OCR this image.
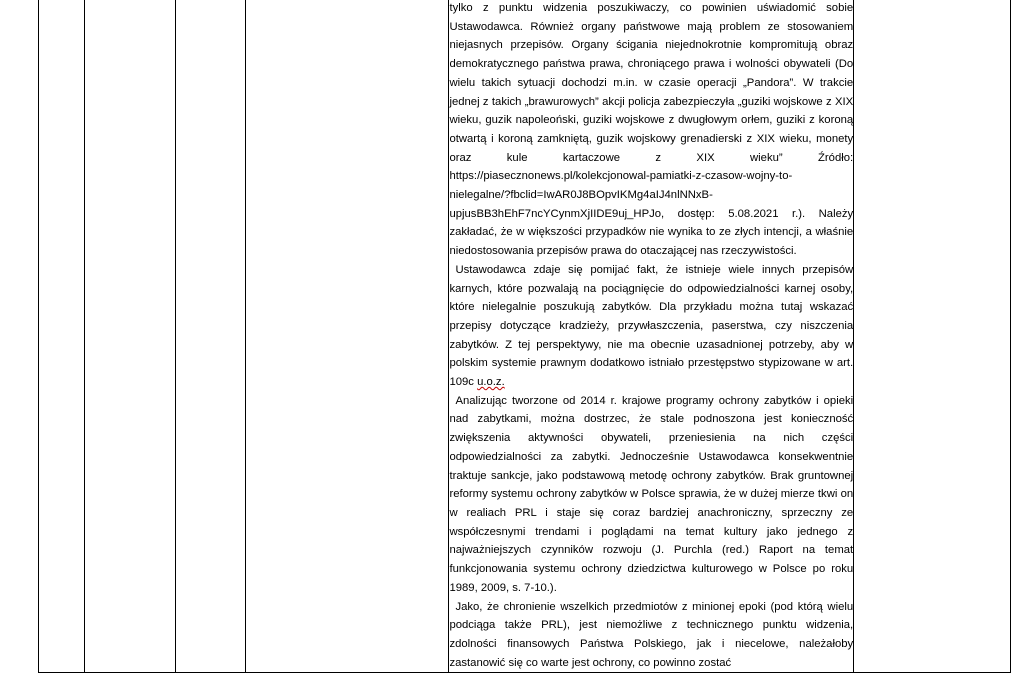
tylko z punktu widzenia poszukiwaczy, co powinien uświadomić sobie Ustawodawca. Również organy państwowe mają problem ze stosowaniem niejasnych przepisów. Organy ścigania niejednokrotnie kompromitują obraz demokratycznego państwa prawa, chroniącego prawa i wolności obywateli (Do wielu takich sytuacji dochodzi m.in. w czasie operacji „Pandora”. W trakcie jednej z takich „brawurowych” akcji policja zabezpieczyła „guziki wojskowe z XIX wieku, guzik napoleoński, guziki wojskowe z dwugłowym orłem, guziki z koroną otwartą i koroną zamkniętą, guzik wojskowy grenadierski z XIX wieku, monety oraz kule	kartaczowe z XIX wieku” Źródło: https://piasecznonews.pl/kolekcjonowal-pamiatki-z-czasow-wojny-to- nielegalne/?fbclid=IwAR0J8BOpvIKMg4aIJ4nlNNxB- upjusBB3hEhF7ncYCynmXjIIDE9uj_HPJo, dostęp: 5.08.2021 r.). Należy zakładać, że w większości przypadków nie wynika to ze złych intencji, a właśnie niedostosowania przepisów prawa do otaczającej nas rzeczywistości.

Ustawodawca zdaje się pomijać fakt, że istnieje wiele innych przepisów karnych, które pozwalają na pociągnięcie do odpowiedzialności karnej osoby, które nielegalnie poszukują zabytków. Dla przykładu można tutaj wskazać przepisy dotyczące kradzieży, przywłaszczenia, paserstwa, czy niszczenia zabytków. Z tej perspektywy, nie ma obecnie uzasadnionej potrzeby, aby w polskim systemie prawnym dodatkowo istniało przestępstwo stypizowane w art. 109c u.o.z.

Analizując tworzone od 2014 r. krajowe programy ochrony zabytków i opieki nad zabytkami, można dostrzec, że stale podnoszona jest konieczność zwiększenia aktywności obywateli, przeniesienia na nich części odpowiedzialności za zabytki. Jednocześnie Ustawodawca konsekwentnie traktuje sankcje, jako podstawową metodę ochrony zabytków. Brak gruntownej reformy systemu ochrony zabytków w Polsce sprawia, że w dużej mierze tkwi on w realiach PRL i staje się coraz bardziej anachroniczny, sprzeczny ze współczesnymi trendami i poglądami na temat kultury jako jednego z najważniejszych czynników rozwoju (J. Purchla (red.) Raport na temat funkcjonowania systemu ochrony dziedzictwa kulturowego w Polsce po roku 1989, 2009, s. 7-10.).

Jako, że chronienie wszelkich przedmiotów z minionej epoki (pod którą wielu podciąga także PRL), jest niemożliwe z technicznego punktu widzenia, zdolności finansowych Państwa Polskiego, jak i niecelowe, należałoby zastanowić się co warte jest ochrony, co powinno zostać
